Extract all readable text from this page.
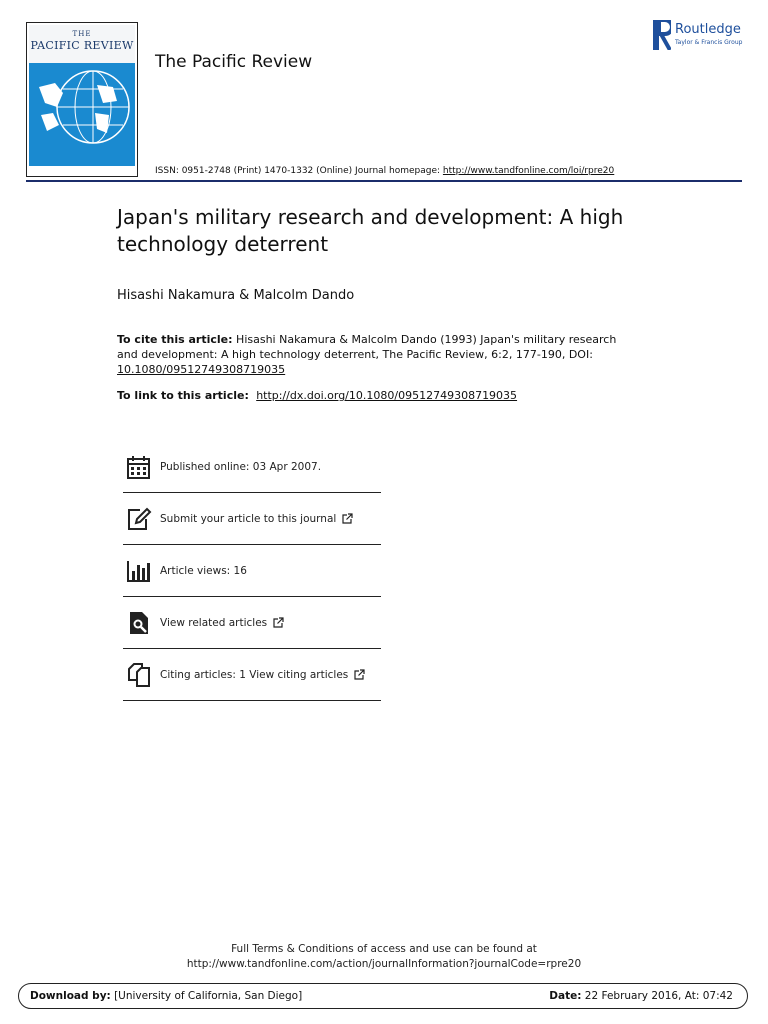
THE
PACIFIC REVIEW

The Pacific Review
Routledge
Taylor & Francis Group
ISSN: 0951-2748 (Print) 1470-1332 (Online) Journal homepage: http://www.tandfonline.com/loi/rpre20
Japan's military research and development: A high technology deterrent
Hisashi Nakamura & Malcolm Dando
To cite this article: Hisashi Nakamura & Malcolm Dando (1993) Japan's military research and development: A high technology deterrent, The Pacific Review, 6:2, 177-190, DOI: 10.1080/09512749308719035
To link to this article:  http://dx.doi.org/10.1080/09512749308719035
Published online: 03 Apr 2007.
Submit your article to this journal
Article views: 16
View related articles
Citing articles: 1 View citing articles
Full Terms & Conditions of access and use can be found at
http://www.tandfonline.com/action/journalInformation?journalCode=rpre20
Download by: [University of California, San Diego]	Date: 22 February 2016, At: 07:42
